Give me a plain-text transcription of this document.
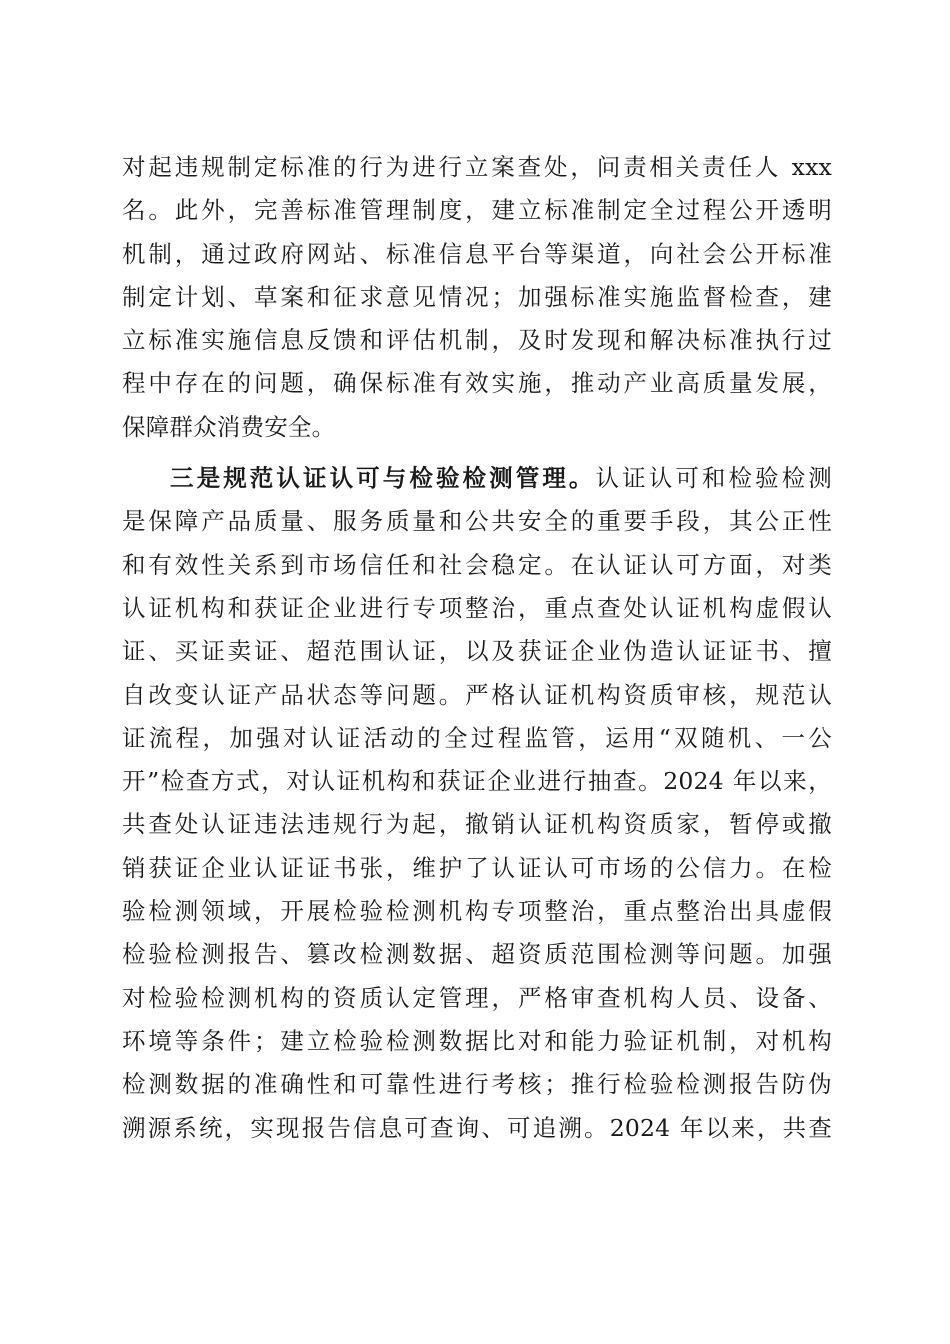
对起违规制定标准的行为进行立案查处，问责相关责任人 xxx
名。此外，完善标准管理制度，建立标准制定全过程公开透明
机制，通过政府网站、标准信息平台等渠道，向社会公开标准
制定计划、草案和征求意见情况；加强标准实施监督检查，建
立标准实施信息反馈和评估机制，及时发现和解决标准执行过
程中存在的问题，确保标准有效实施，推动产业高质量发展，
保障群众消费安全。
三是规范认证认可与检验检测管理。认证认可和检验检测
是保障产品质量、服务质量和公共安全的重要手段，其公正性
和有效性关系到市场信任和社会稳定。在认证认可方面，对类
认证机构和获证企业进行专项整治，重点查处认证机构虚假认
证、买证卖证、超范围认证，以及获证企业伪造认证证书、擅
自改变认证产品状态等问题。严格认证机构资质审核，规范认
证流程，加强对认证活动的全过程监管，运用“双随机、一公
开”检查方式，对认证机构和获证企业进行抽查。2024 年以来，
共查处认证违法违规行为起，撤销认证机构资质家，暂停或撤
销获证企业认证证书张，维护了认证认可市场的公信力。在检
验检测领域，开展检验检测机构专项整治，重点整治出具虚假
检验检测报告、篡改检测数据、超资质范围检测等问题。加强
对检验检测机构的资质认定管理，严格审查机构人员、设备、
环境等条件；建立检验检测数据比对和能力验证机制，对机构
检测数据的准确性和可靠性进行考核；推行检验检测报告防伪
溯源系统，实现报告信息可查询、可追溯。2024 年以来，共查
